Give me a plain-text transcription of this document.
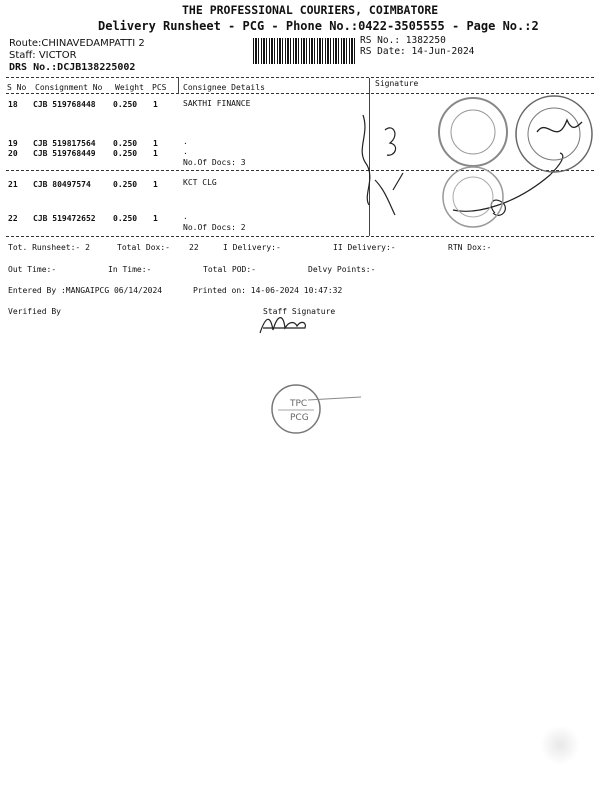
THE PROFESSIONAL COURIERS, COIMBATORE
Delivery Runsheet - PCG - Phone No.:0422-3505555 - Page No.:2
Route:CHINAVEDAMPATTI 2
Staff: VICTOR
DRS No.:DCJB138225002
RS No.: 1382250
RS Date: 14-Jun-2024
S No Consignment No Weight PCS Consignee Details	Signature
18 CJB 519768448 0.250 1	SAKTHI FINANCE
19 CJB 519817564 0.250 1	.
20 CJB 519768449 0.250 1	.
No.Of Docs: 3
21 CJB 80497574	0.250 1	KCT CLG
22 CJB 519472652 0.250 1	.
No.Of Docs: 2
Tot. Runsheet:- 2	Total Dox:- 22	I Delivery:-	II Delivery:-	RTN Dox:-
Out Time:-	In Time:-	Total POD:-	Delvy Points:-
Entered By :MANGAIPCG 06/14/2024	Printed on: 14-06-2024 10:47:32
Verified By	Staff Signature
TPC
PCG
